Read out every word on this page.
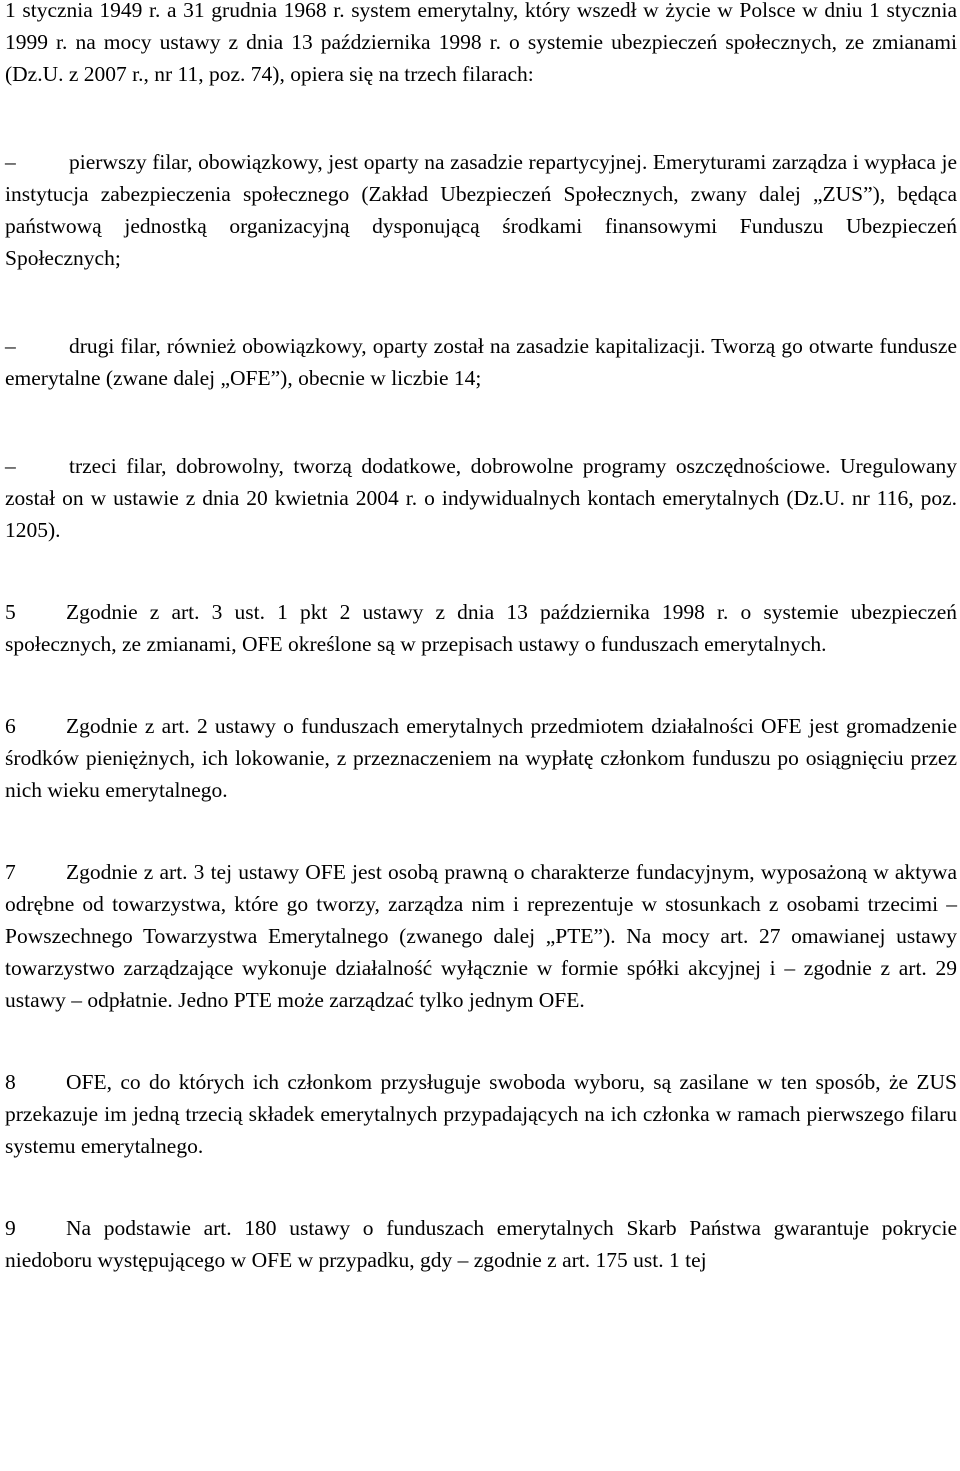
1 stycznia 1949 r. a 31 grudnia 1968 r. system emerytalny, który wszedł w życie w Polsce w dniu 1 stycznia 1999 r. na mocy ustawy z dnia 13 października 1998 r. o systemie ubezpieczeń społecznych, ze zmianami (Dz.U. z 2007 r., nr 11, poz. 74), opiera się na trzech filarach:

– pierwszy filar, obowiązkowy, jest oparty na zasadzie repartycyjnej. Emeryturami zarządza i wypłaca je instytucja zabezpieczenia społecznego (Zakład Ubezpieczeń Społecznych, zwany dalej „ZUS”), będąca państwową jednostką organizacyjną dysponującą środkami finansowymi Funduszu Ubezpieczeń Społecznych;

– drugi filar, również obowiązkowy, oparty został na zasadzie kapitalizacji. Tworzą go otwarte fundusze emerytalne (zwane dalej „OFE”), obecnie w liczbie 14;

– trzeci filar, dobrowolny, tworzą dodatkowe, dobrowolne programy oszczędnościowe. Uregulowany został on w ustawie z dnia 20 kwietnia 2004 r. o indywidualnych kontach emerytalnych (Dz.U. nr 116, poz. 1205).

5 Zgodnie z art. 3 ust. 1 pkt 2 ustawy z dnia 13 października 1998 r. o systemie ubezpieczeń społecznych, ze zmianami, OFE określone są w przepisach ustawy o funduszach emerytalnych.

6 Zgodnie z art. 2 ustawy o funduszach emerytalnych przedmiotem działalności OFE jest gromadzenie środków pieniężnych, ich lokowanie, z przeznaczeniem na wypłatę członkom funduszu po osiągnięciu przez nich wieku emerytalnego.

7 Zgodnie z art. 3 tej ustawy OFE jest osobą prawną o charakterze fundacyjnym, wyposażoną w aktywa odrębne od towarzystwa, które go tworzy, zarządza nim i reprezentuje w stosunkach z osobami trzecimi – Powszechnego Towarzystwa Emerytalnego (zwanego dalej „PTE”). Na mocy art. 27 omawianej ustawy towarzystwo zarządzające wykonuje działalność wyłącznie w formie spółki akcyjnej i – zgodnie z art. 29 ustawy – odpłatnie. Jedno PTE może zarządzać tylko jednym OFE.

8 OFE, co do których ich członkom przysługuje swoboda wyboru, są zasilane w ten sposób, że ZUS przekazuje im jedną trzecią składek emerytalnych przypadających na ich członka w ramach pierwszego filaru systemu emerytalnego.

9 Na podstawie art. 180 ustawy o funduszach emerytalnych Skarb Państwa gwarantuje pokrycie niedoboru występującego w OFE w przypadku, gdy – zgodnie z art. 175 ust. 1 tej
